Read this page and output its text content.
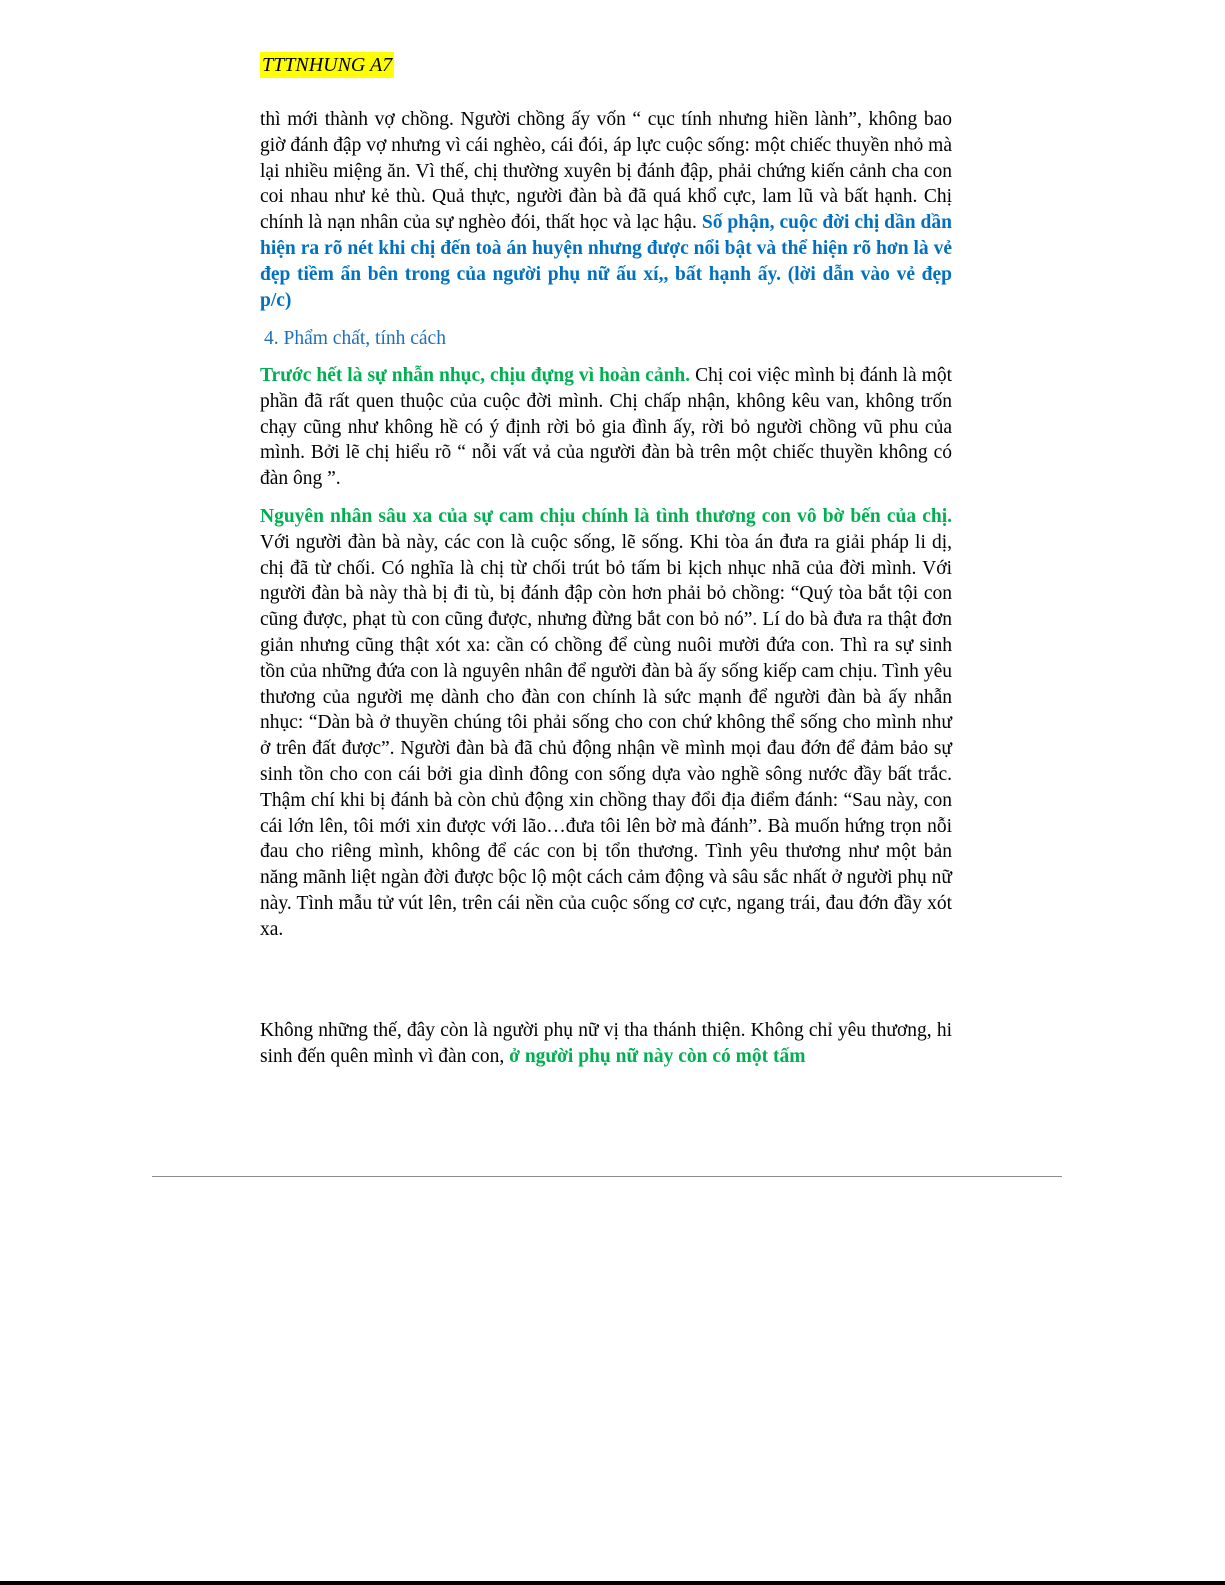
TTTNHUNG A7
thì mới thành vợ chồng. Người chồng ấy vốn “ cục tính nhưng hiền lành”, không bao giờ đánh đập vợ nhưng vì cái nghèo, cái đói, áp lực cuộc sống: một chiếc thuyền nhỏ mà lại nhiều miệng ăn. Vì thế, chị thường xuyên bị đánh đập, phải chứng kiến cảnh cha con coi nhau như kẻ thù. Quả thực, người đàn bà đã quá khổ cực, lam lũ và bất hạnh. Chị chính là nạn nhân của sự nghèo đói, thất học và lạc hậu. Số phận, cuộc đời chị dần dần hiện ra rõ nét khi chị đến toà án huyện nhưng được nổi bật và thể hiện rõ hơn là vẻ đẹp tiềm ẩn bên trong của người phụ nữ ấu xí,, bất hạnh ấy. (lời dẫn vào vẻ đẹp p/c)
4. Phẩm chất, tính cách
Trước hết là sự nhẫn nhục, chịu đựng vì hoàn cảnh. Chị coi việc mình bị đánh là một phần đã rất quen thuộc của cuộc đời mình. Chị chấp nhận, không kêu van, không trốn chạy cũng như không hề có ý định rời bỏ gia đình ấy, rời bỏ người chồng vũ phu của mình. Bởi lẽ chị hiểu rõ “ nỗi vất vả của người đàn bà trên một chiếc thuyền không có đàn ông ”.
Nguyên nhân sâu xa của sự cam chịu chính là tình thương con vô bờ bến của chị. Với người đàn bà này, các con là cuộc sống, lẽ sống. Khi tòa án đưa ra giải pháp li dị, chị đã từ chối. Có nghĩa là chị từ chối trút bỏ tấm bi kịch nhục nhã của đời mình. Với người đàn bà này thà bị đi tù, bị đánh đập còn hơn phải bỏ chồng: “Quý tòa bắt tội con cũng được, phạt tù con cũng được, nhưng đừng bắt con bỏ nó”. Lí do bà đưa ra thật đơn giản nhưng cũng thật xót xa: cần có chồng để cùng nuôi mười đứa con. Thì ra sự sinh tồn của những đứa con là nguyên nhân để người đàn bà ấy sống kiếp cam chịu. Tình yêu thương của người mẹ dành cho đàn con chính là sức mạnh để người đàn bà ấy nhẫn nhục: “Dàn bà ở thuyền chúng tôi phải sống cho con chứ không thể sống cho mình như ở trên đất được”. Người đàn bà đã chủ động nhận về mình mọi đau đớn để đảm bảo sự sinh tồn cho con cái bởi gia dình đông con sống dựa vào nghề sông nước đầy bất trắc. Thậm chí khi bị đánh bà còn chủ động xin chồng thay đổi địa điểm đánh: “Sau này, con cái lớn lên, tôi mới xin được với lão…đưa tôi lên bờ mà đánh”. Bà muốn hứng trọn nỗi đau cho riêng mình, không để các con bị tổn thương. Tình yêu thương như một bản năng mãnh liệt ngàn đời được bộc lộ một cách cảm động và sâu sắc nhất ở người phụ nữ này. Tình mẫu tử vút lên, trên cái nền của cuộc sống cơ cực, ngang trái, đau đớn đầy xót xa.
Không những thế, đây còn là người phụ nữ vị tha thánh thiện. Không chỉ yêu thương, hi sinh đến quên mình vì đàn con, ở người phụ nữ này còn có một tấm
